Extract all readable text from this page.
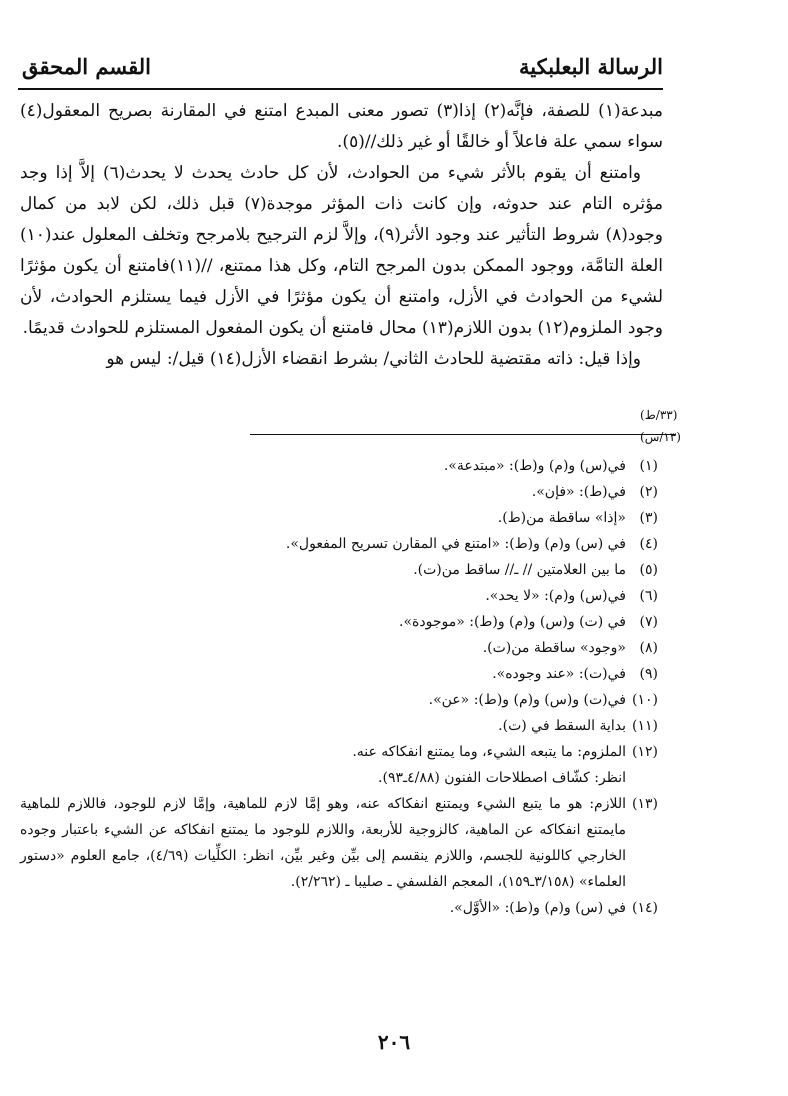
الرسالة البعلبكية
القسم المحقق

مبدعة(١) للصفة، فإنَّه(٢) إذا(٣) تصور معنى المبدع امتنع في المقارنة بصريح المعقول(٤) سواء سمي علة فاعلاً أو خالقًا أو غير ذلك//(٥).

وامتنع أن يقوم بالأثر شيء من الحوادث، لأن كل حادث يحدث لا يحدث(٦) إلاَّ إذا وجد مؤثره التام عند حدوثه، وإن كانت ذات المؤثر موجدة(٧) قبل ذلك، لكن لابد من كمال وجود(٨) شروط التأثير عند وجود الأثر(٩)، وإلاَّ لزم الترجيح بلامرجح وتخلف المعلول عند(١٠) العلة التامَّة، ووجود الممكن بدون المرجح التام، وكل هذا ممتنع، //(١١)فامتنع أن يكون مؤثرًا لشيء من الحوادث في الأزل، وامتنع أن يكون مؤثرًا في الأزل فيما يستلزم الحوادث، لأن وجود الملزوم(١٢) بدون اللازم(١٣) محال فامتنع أن يكون المفعول المستلزم للحوادث قديمًا.

وإذا قيل: ذاته مقتضية للحادث الثاني/ بشرط انقضاء الأزل(١٤) قيل/: ليس هو

(٣٣/ط)
(١٣/س)
(١)
في(س) و(م) و(ط): «مبتدعة».
(٢)
في(ط): «فإن».
(٣)
«إذا» ساقطة من(ط).
(٤)
في (س) و(م) و(ط): «امتنع في المقارن تسريح المفعول».
(٥)
ما بين العلامتين // ـ// ساقط من(ت).
(٦)
في(س) و(م): «لا يحد».
(٧)
في (ت) و(س) و(م) و(ط): «موجودة».
(٨)
«وجود» ساقطة من(ت).
(٩)
في(ت): «عند وجوده».
(١٠)
في(ت) و(س) و(م) و(ط): «عن».
(١١)
بداية السقط في (ت).
(١٢)
الملزوم: ما يتبعه الشيء، وما يمتنع انفكاكه عنه.
انظر: كشّاف اصطلاحات الفنون (٤/٨٨ـ٩٣).
(١٣)
اللازم: هو ما يتبع الشيء ويمتنع انفكاكه عنه، وهو إمَّا لازم للماهية، وإمَّا لازم للوجود، فاللازم للماهية مايمتنع انفكاكه عن الماهية، كالزوجية للأربعة، واللازم للوجود ما يمتنع انفكاكه عن الشيء باعتبار وجوده الخارجي كاللونية للجسم، واللازم ينقسم إلى بيِّن وغير بيِّن، انظر: الكلِّيات (٤/٦٩)، جامع العلوم «دستور العلماء» (٣/١٥٨ـ١٥٩)، المعجم الفلسفي ـ صليبا ـ (٢/٢٦٢).
(١٤)
في (س) و(م) و(ط): «الأوَّل».
٢٠٦
